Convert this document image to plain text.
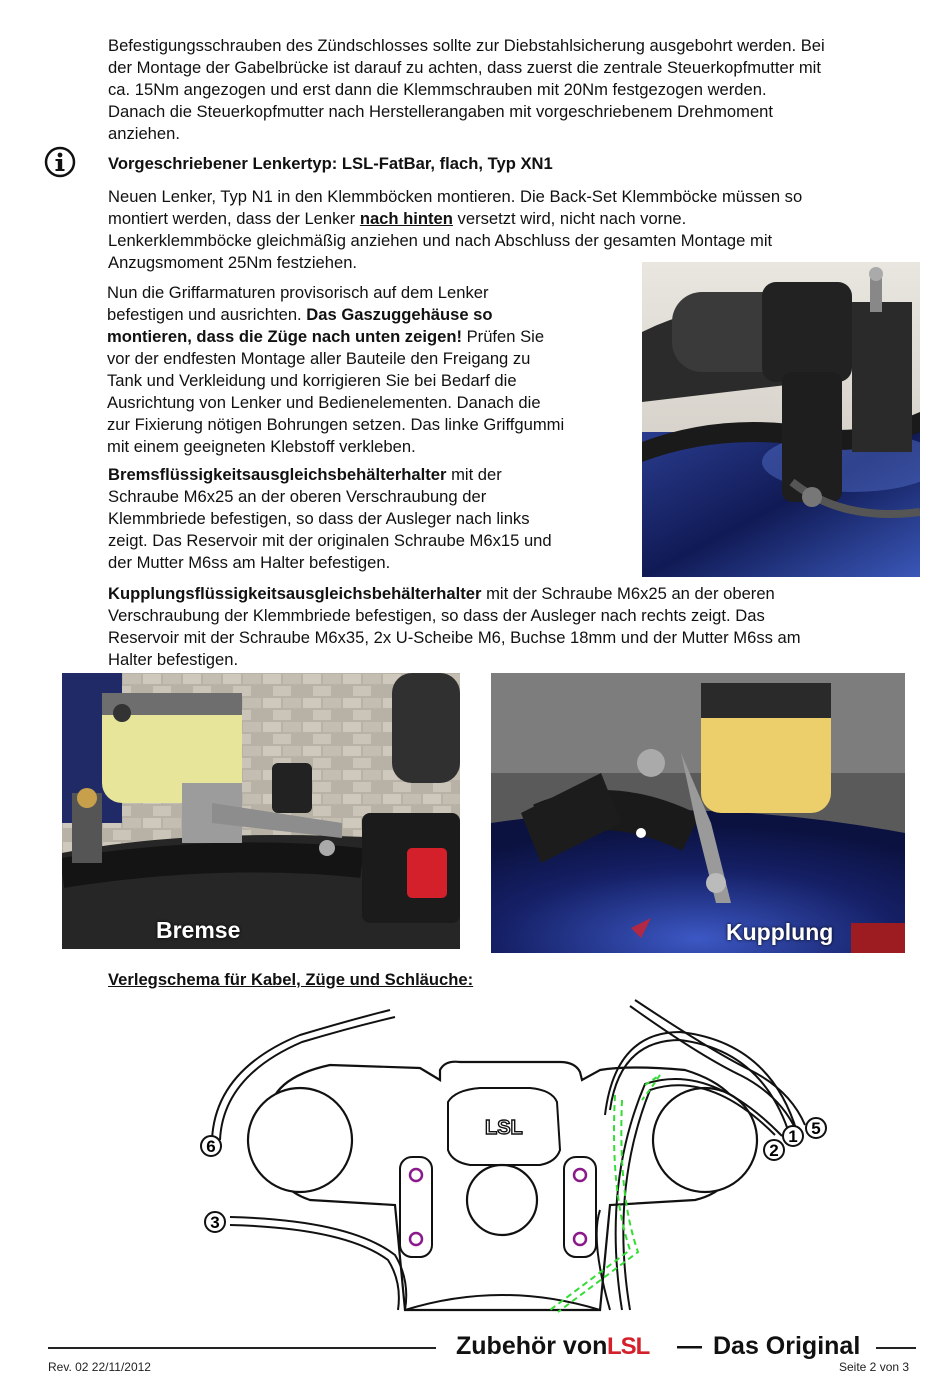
Befestigungsschrauben des Zündschlosses sollte zur Diebstahlsicherung ausgebohrt werden. Bei

der Montage der Gabelbrücke ist darauf zu achten, dass zuerst die zentrale Steuerkopfmutter mit

ca. 15Nm angezogen und erst dann die Klemmschrauben mit 20Nm festgezogen werden.

Danach die Steuerkopfmutter nach Herstellerangaben mit vorgeschriebenem Drehmoment

anziehen.

Vorgeschriebener Lenkertyp: LSL-FatBar, flach, Typ XN1

Neuen Lenker, Typ N1 in den Klemmböcken montieren. Die Back-Set Klemmböcke müssen so

montiert werden, dass der Lenker nach hinten versetzt wird, nicht nach vorne.

Lenkerklemmböcke gleichmäßig anziehen und nach Abschluss der gesamten Montage mit

Anzugsmoment 25Nm festziehen.

Nun die Griffarmaturen provisorisch auf dem Lenker

befestigen und ausrichten. Das Gaszuggehäuse so

montieren, dass die Züge nach unten zeigen! Prüfen Sie

vor der endfesten Montage aller Bauteile den Freigang zu

Tank und Verkleidung und korrigieren Sie bei Bedarf die

Ausrichtung von Lenker und Bedienelementen. Danach die

zur Fixierung nötigen Bohrungen setzen. Das linke Griffgummi

mit einem geeigneten Klebstoff verkleben.

Bremsflüssigkeitsausgleichsbehälterhalter mit der

Schraube M6x25 an der oberen Verschraubung der

Klemmbriede befestigen, so dass der Ausleger nach links

zeigt. Das Reservoir mit der originalen Schraube M6x15 und

der Mutter M6ss am Halter befestigen.

Kupplungsflüssigkeitsausgleichsbehälterhalter mit der Schraube M6x25 an der oberen

Verschraubung der Klemmbriede befestigen, so dass der Ausleger nach rechts zeigt. Das

Reservoir mit der Schraube M6x35, 2x U-Scheibe M6, Buchse 18mm und der Mutter M6ss am

Halter befestigen.

Bremse	Kupplung
Verlegschema für Kabel, Züge und Schläuche:
LSL
6
3
2
1 5
Zubehör von LSL — Das Original
Rev. 02 22/11/2012	Seite 2 von 3
